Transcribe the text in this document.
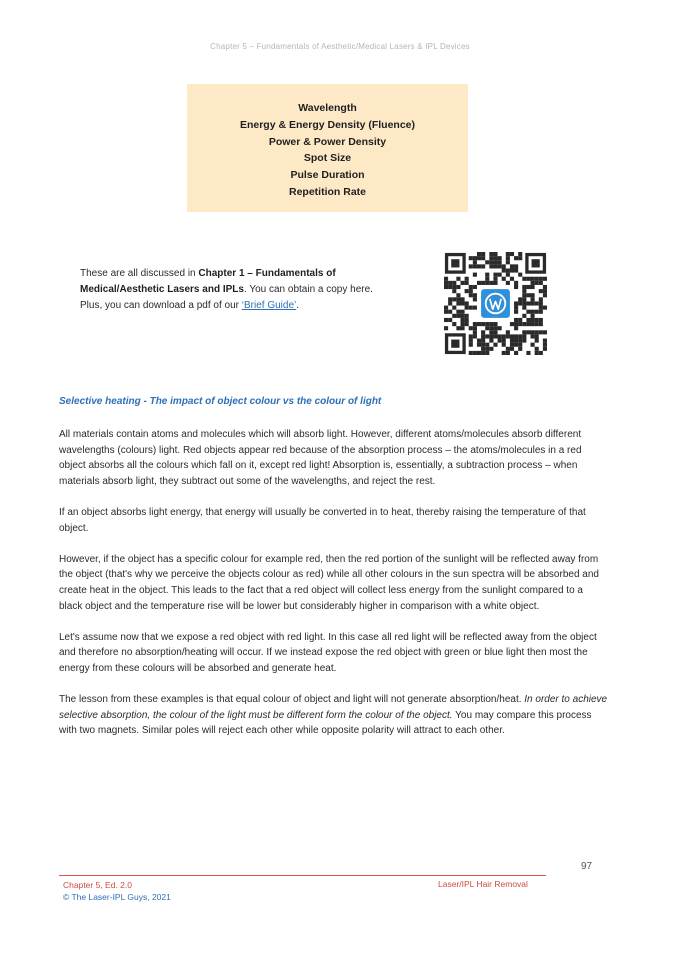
Chapter 5 – Fundamentals of Aesthetic/Medical Lasers & IPL Devices
Wavelength
Energy & Energy Density (Fluence)
Power & Power Density
Spot Size
Pulse Duration
Repetition Rate
These are all discussed in Chapter 1 – Fundamentals of Medical/Aesthetic Lasers and IPLs. You can obtain a copy here. Plus, you can download a pdf of our ‘Brief Guide’.
Selective heating - The impact of object colour vs the colour of light

All materials contain atoms and molecules which will absorb light. However, different atoms/molecules absorb different wavelengths (colours) light. Red objects appear red because of the absorption process – the atoms/molecules in a red object absorbs all the colours which fall on it, except red light! Absorption is, essentially, a subtraction process – when materials absorb light, they subtract out some of the wavelengths, and reject the rest.

If an object absorbs light energy, that energy will usually be converted in to heat, thereby raising the temperature of that object.

However, if the object has a specific colour for example red, then the red portion of the sunlight will be reflected away from the object (that's why we perceive the objects colour as red) while all other colours in the sun spectra will be absorbed and create heat in the object. This leads to the fact that a red object will collect less energy from the sunlight compared to a black object and the temperature rise will be lower but considerably higher in comparison with a white object.

Let's assume now that we expose a red object with red light. In this case all red light will be reflected away from the object and therefore no absorption/heating will occur. If we instead expose the red object with green or blue light then most the energy from these colours will be absorbed and generate heat.

The lesson from these examples is that equal colour of object and light will not generate absorption/heat. In order to achieve selective absorption, the colour of the light must be different form the colour of the object. You may compare this process with two magnets. Similar poles will reject each other while opposite polarity will attract to each other.

97
Chapter 5, Ed. 2.0
© The Laser-IPL Guys, 2021
Laser/IPL Hair Removal
